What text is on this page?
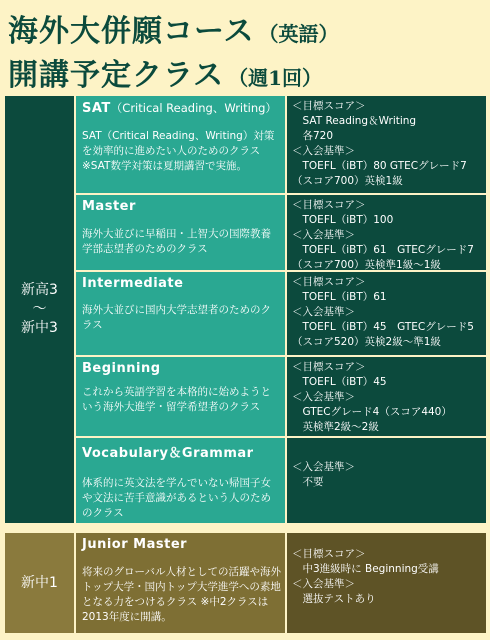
海外大併願コース （英語）
開講予定クラス （週1回）
新高3
〜
新中3
SAT（Critical Reading、Writing）
SAT（Critical Reading、Writing）対策を効率的に進めたい人のためのクラス ※SAT数学対策は夏期講習で実施。
＜目標スコア＞
　SAT Reading＆Writing
　各720
＜入会基準＞
　TOEFL（iBT）80 GTECグレード7
（スコア700）英検1級
Master
海外大並びに早稲田・上智大の国際教養学部志望者のためのクラス
＜目標スコア＞
　TOEFL（iBT）100
＜入会基準＞
　TOEFL（iBT）61　GTECグレード7
（スコア700）英検準1級〜1級
Intermediate
海外大並びに国内大学志望者のためのクラス
＜目標スコア＞
　TOEFL（iBT）61
＜入会基準＞
　TOEFL（iBT）45　GTECグレード5
（スコア520）英検2級〜準1級
Beginning
これから英語学習を本格的に始めようという海外大進学・留学希望者のクラス
＜目標スコア＞
　TOEFL（iBT）45
＜入会基準＞
　GTECグレード4（スコア440）
　英検準2級〜2級
Vocabulary＆Grammar
体系的に英文法を学んでいない帰国子女や文法に苦手意識があるという人のためのクラス
＜入会基準＞
　不要
新中1
Junior Master
将来のグローバル人材としての活躍や海外トップ大学・国内トップ大学進学への素地となる力をつけるクラス ※中2クラスは2013年度に開講。
＜目標スコア＞
　中3進級時に Beginning受講
＜入会基準＞
　選抜テストあり
